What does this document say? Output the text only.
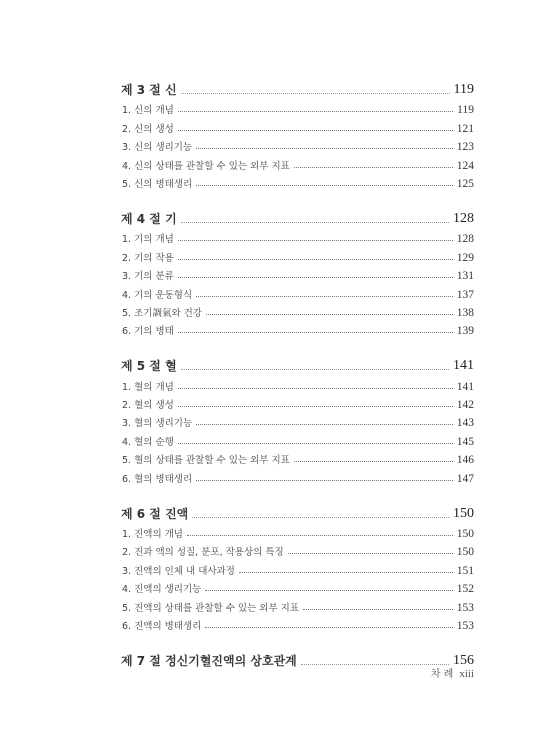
제 3 절 신	119
1. 신의 개념	119
2. 신의 생성	121
3. 신의 생리기능	123
4. 신의 상태를 관찰할 수 있는 외부 지표	124
5. 신의 병태생리	125
제 4 절 기	128
1. 기의 개념	128
2. 기의 작용	129
3. 기의 분류	131
4. 기의 운동형식	137
5. 조기調氣와 건강	138
6. 기의 병태	139
제 5 절 혈	141
1. 혈의 개념	141
2. 혈의 생성	142
3. 혈의 생리기능	143
4. 혈의 순행	145
5. 혈의 상태를 관찰할 수 있는 외부 지표	146
6. 혈의 병태생리	147
제 6 절 진액	150
1. 진액의 개념	150
2. 진과 액의 성질, 분포, 작용상의 특징	150
3. 진액의 인체 내 대사과정	151
4. 진액의 생리기능	152
5. 진액의 상태를 관찰할 수 있는 외부 지표	153
6. 진액의 병태생리	153
제 7 절 정신기혈진액의 상호관계	156
차 례 xiii
